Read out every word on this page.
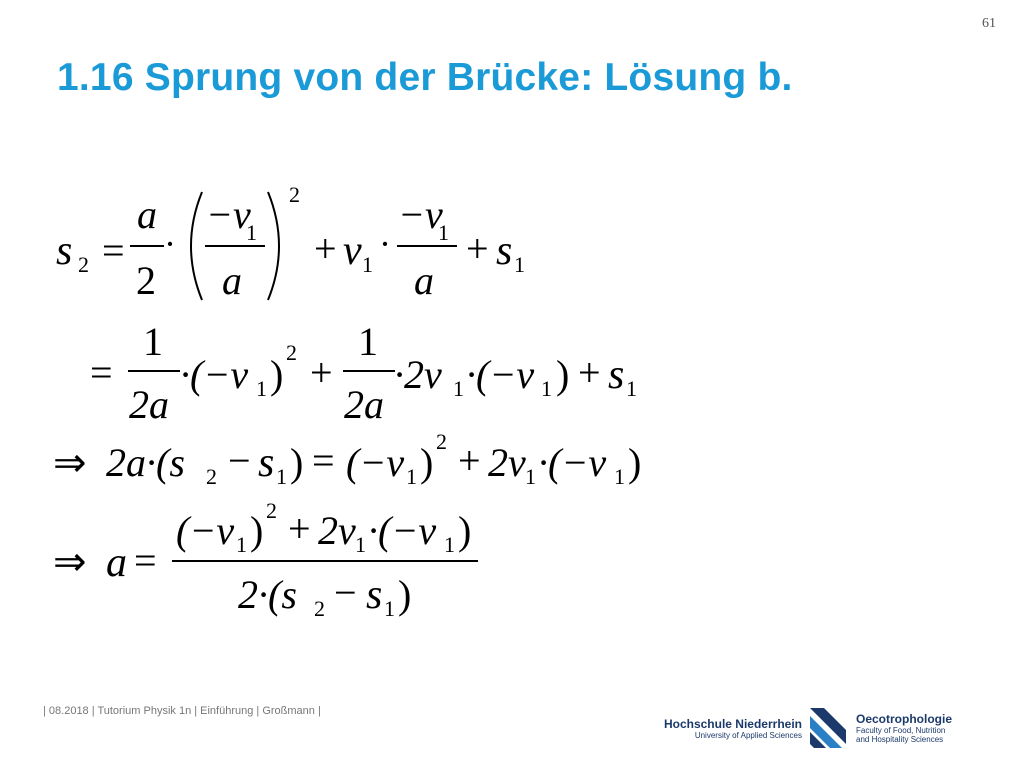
61
1.16 Sprung von der Brücke: Lösung b.
s 2 =
a
2
·
−v
1
a
2
+ v 1
·
−v
1
a
+ s 1
=
1
2a
·(−v 1 ) 2 +
1
2a
·2v 1 ·(−v 1 ) + s 1
⇒ 2a·(s 2 − s 1 ) = (−v 1 ) 2 + 2v 1 ·(−v 1 )
⇒ a =
(−v 1 ) 2 + 2v 1 ·(−v 1 )
2·(s 2 − s 1 )
| 08.2018 | Tutorium Physik 1n | Einführung | Großmann |
Hochschule Niederrhein
University of Applied Sciences
Oecotrophologie
Faculty of Food, Nutrition
and Hospitality Sciences
